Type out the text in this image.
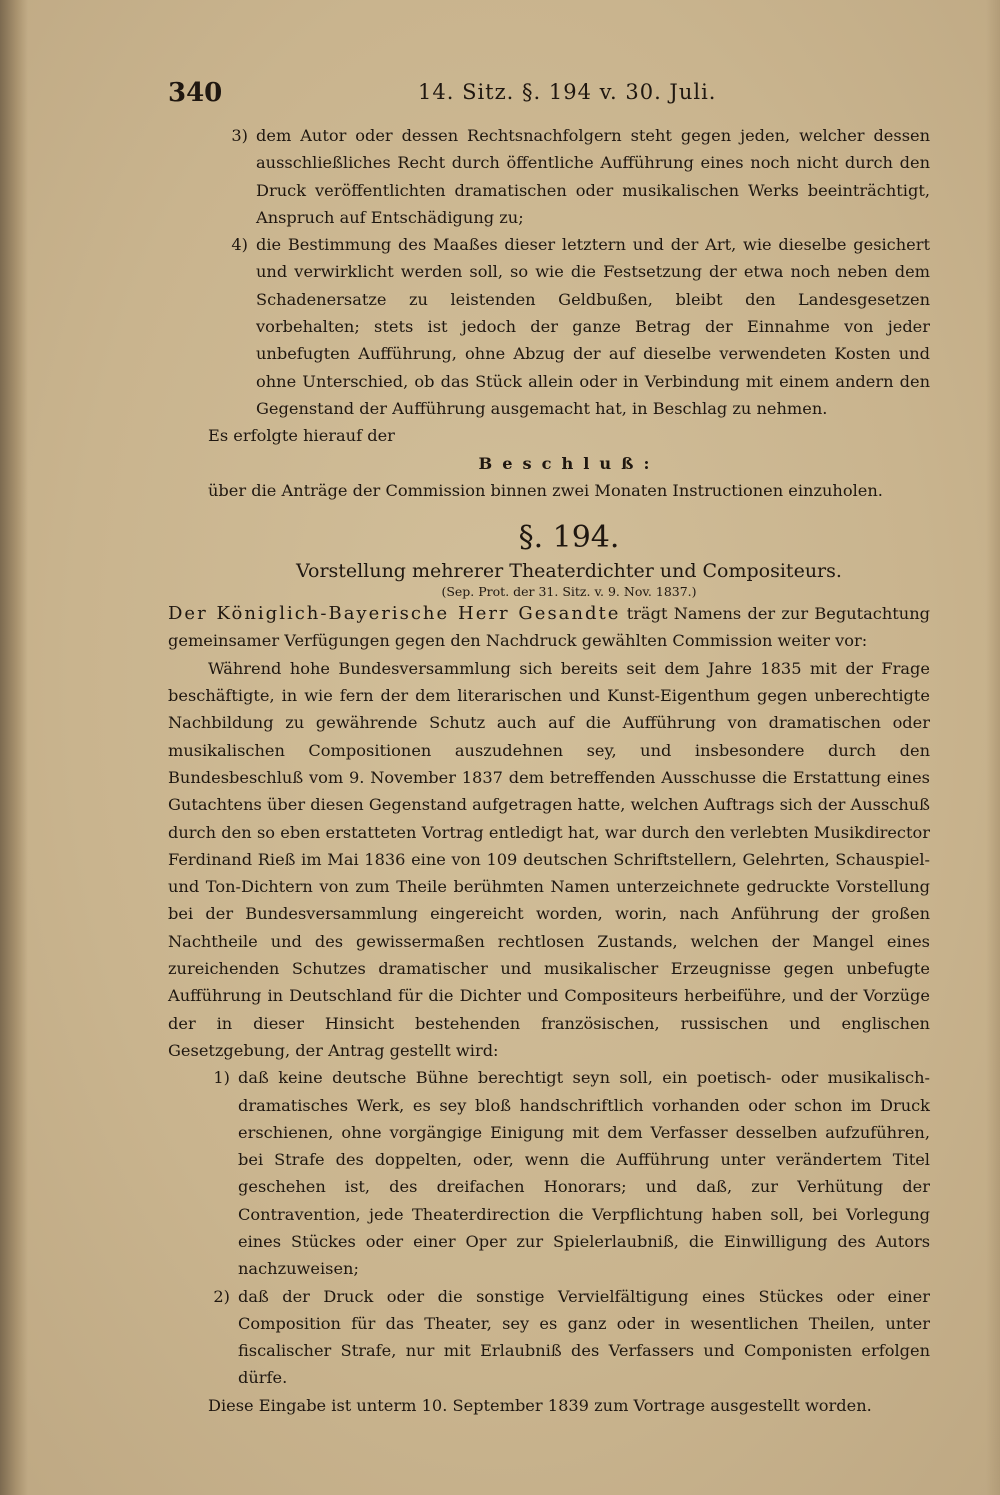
340	14. Sitz. §. 194 v. 30. Juli.
3) dem Autor oder dessen Rechtsnachfolgern steht gegen jeden, welcher dessen ausschließliches Recht durch öffentliche Aufführung eines noch nicht durch den Druck veröffentlichten dramatischen oder musikalischen Werks beeinträchtigt, Anspruch auf Entschädigung zu;
4) die Bestimmung des Maaßes dieser letztern und der Art, wie dieselbe gesichert und verwirklicht werden soll, so wie die Festsetzung der etwa noch neben dem Schadenersatze zu leistenden Geldbußen, bleibt den Landesgesetzen vorbehalten; stets ist jedoch der ganze Betrag der Einnahme von jeder unbefugten Aufführung, ohne Abzug der auf dieselbe verwendeten Kosten und ohne Unterschied, ob das Stück allein oder in Verbindung mit einem andern den Gegenstand der Aufführung ausgemacht hat, in Beschlag zu nehmen.

Es erfolgte hierauf der

Beschluß:

über die Anträge der Commission binnen zwei Monaten Instructionen einzuholen.

§. 194.
Vorstellung mehrerer Theaterdichter und Compositeurs.
(Sep. Prot. der 31. Sitz. v. 9. Nov. 1837.)

Der Königlich-Bayerische Herr Gesandte trägt Namens der zur Begutachtung gemeinsamer Verfügungen gegen den Nachdruck gewählten Commission weiter vor:

Während hohe Bundesversammlung sich bereits seit dem Jahre 1835 mit der Frage beschäftigte, in wie fern der dem literarischen und Kunst-Eigenthum gegen unberechtigte Nachbildung zu gewährende Schutz auch auf die Aufführung von dramatischen oder musikalischen Compositionen auszudehnen sey, und insbesondere durch den Bundesbeschluß vom 9. November 1837 dem betreffenden Ausschusse die Erstattung eines Gutachtens über diesen Gegenstand aufgetragen hatte, welchen Auftrags sich der Ausschuß durch den so eben erstatteten Vortrag entledigt hat, war durch den verlebten Musikdirector Ferdinand Rieß im Mai 1836 eine von 109 deutschen Schriftstellern, Gelehrten, Schauspiel- und Ton-Dichtern von zum Theile berühmten Namen unterzeichnete gedruckte Vorstellung bei der Bundesversammlung eingereicht worden, worin, nach Anführung der großen Nachtheile und des gewissermaßen rechtlosen Zustands, welchen der Mangel eines zureichenden Schutzes dramatischer und musikalischer Erzeugnisse gegen unbefugte Aufführung in Deutschland für die Dichter und Compositeurs herbeiführe, und der Vorzüge der in dieser Hinsicht bestehenden französischen, russischen und englischen Gesetzgebung, der Antrag gestellt wird:

1) daß keine deutsche Bühne berechtigt seyn soll, ein poetisch- oder musikalisch-dramatisches Werk, es sey bloß handschriftlich vorhanden oder schon im Druck erschienen, ohne vorgängige Einigung mit dem Verfasser desselben aufzuführen, bei Strafe des doppelten, oder, wenn die Aufführung unter verändertem Titel geschehen ist, des dreifachen Honorars; und daß, zur Verhütung der Contravention, jede Theaterdirection die Verpflichtung haben soll, bei Vorlegung eines Stückes oder einer Oper zur Spielerlaubniß, die Einwilligung des Autors nachzuweisen;
2) daß der Druck oder die sonstige Vervielfältigung eines Stückes oder einer Composition für das Theater, sey es ganz oder in wesentlichen Theilen, unter fiscalischer Strafe, nur mit Erlaubniß des Verfassers und Componisten erfolgen dürfe.

Diese Eingabe ist unterm 10. September 1839 zum Vortrage ausgestellt worden.
